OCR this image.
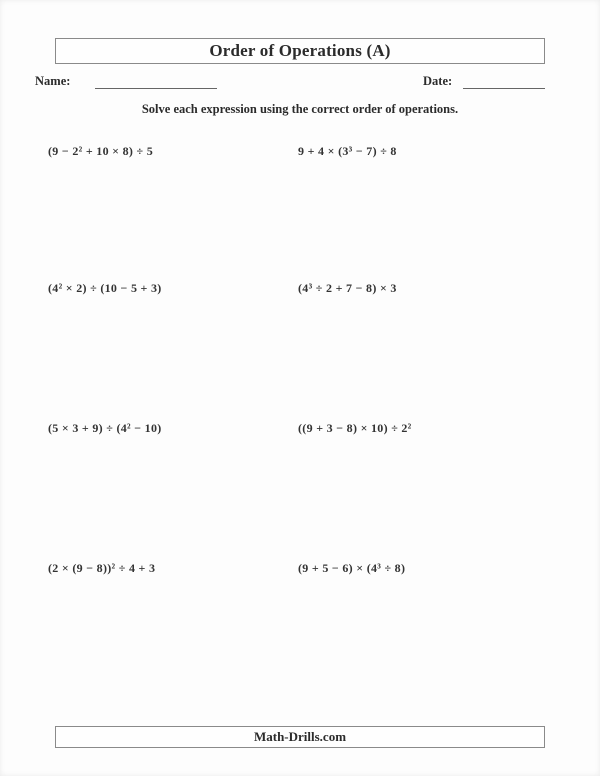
Order of Operations (A)
Name:	Date:
Solve each expression using the correct order of operations.
(9 − 2² + 10 × 8) ÷ 5	9 + 4 × (3³ − 7) ÷ 8
(4² × 2) ÷ (10 − 5 + 3)	(4³ ÷ 2 + 7 − 8) × 3
(5 × 3 + 9) ÷ (4² − 10)	((9 + 3 − 8) × 10) ÷ 2²
(2 × (9 − 8))² ÷ 4 + 3	(9 + 5 − 6) × (4³ ÷ 8)
Math-Drills.com
